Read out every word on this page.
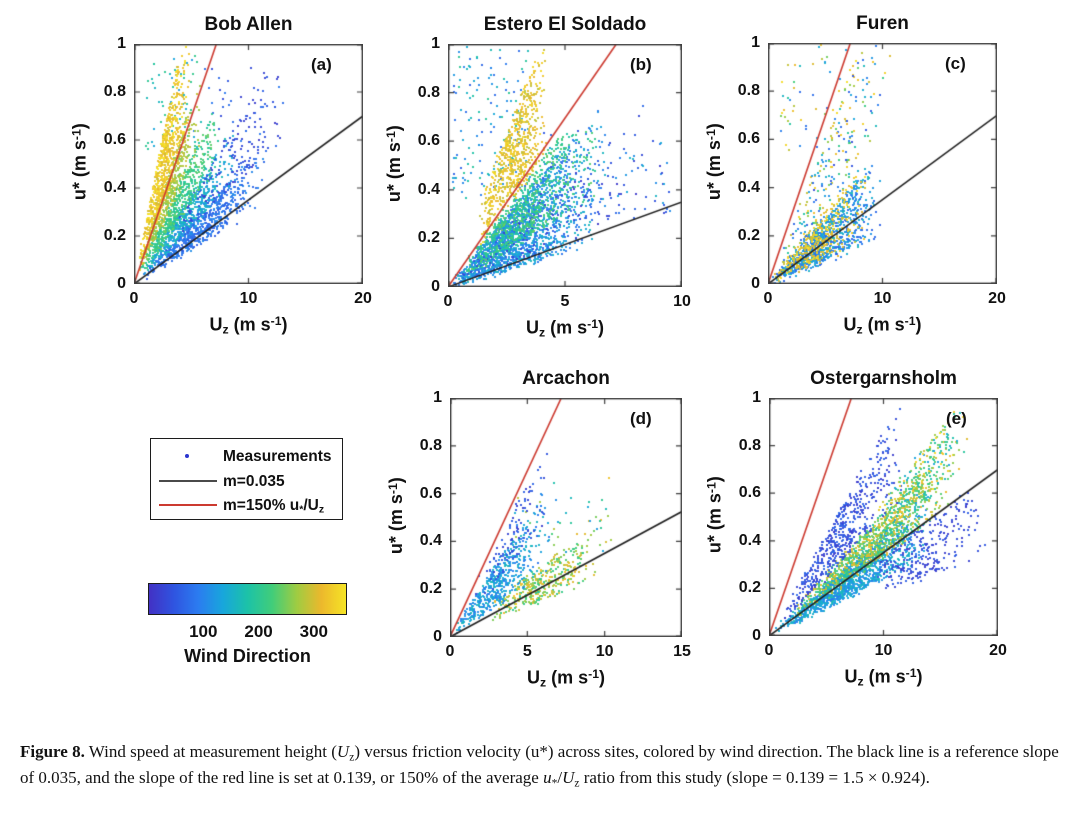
Bob Allen
(a)
0	10	20
0
0.2
0.4
0.6
0.8
1
Uz (m $s^{-1}$)
u* (m $s^{-1}$)
Estero El Soldado
(b)
0	5	10
0
0.2
0.4
0.6
0.8
1
Uz (m $s^{-1}$)
u* (m $s^{-1}$)
Furen
(c)
0	10	20
0
0.2
0.4
0.6
0.8
1
Uz (m $s^{-1}$)
u* (m $s^{-1}$)
Arcachon
(d)
0	5	10	15
0
0.2
0.4
0.6
0.8
1
Uz (m $s^{-1}$)
u* (m $s^{-1}$)
Ostergarnsholm
(e)
0	10	20
0
0.2
0.4
0.6
0.8
1
Uz (m $s^{-1}$)
u* (m $s^{-1}$)
Measurements
m=0.035
m=150% u*/Uz
100	200	300
Wind Direction
Figure 8. Wind speed at measurement height $(U_z)$ versus friction velocity (u*) across sites, colored by wind direction. The black line is a reference slope of 0.035, and the slope of the red line is set at 0.139, or 150% of the average $u_*/U_z$ ratio from this study (slope = 0.139 = 1.5 × 0.924).
